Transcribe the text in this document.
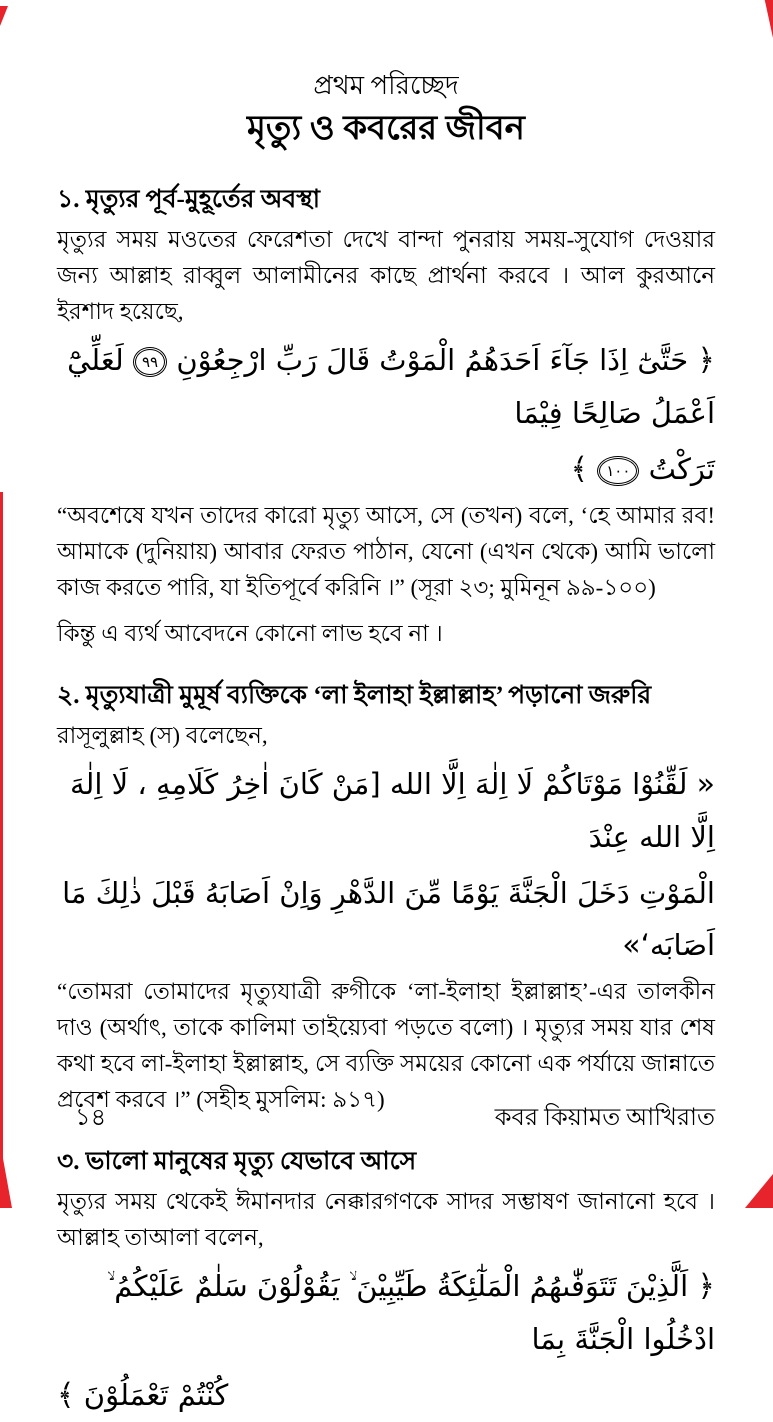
প্রথম পরিচ্ছেদ
মৃত্যু ও কবরের জীবন
১. মৃত্যুর পূর্ব-মুহূর্তের অবস্থা

মৃত্যুর সময় মওতের ফেরেশতা দেখে বান্দা পুনরায় সময়-সুযোগ দেওয়ার জন্য আল্লাহ রাব্বুল আলামীনের কাছে প্রার্থনা করবে । আল কুরআনে ইরশাদ হয়েছে,

﴿ حَتَّىٰٓ اِذَا جَآءَ اَحَدَهُمُ الْمَوْتُ قَالَ رَبِّ ارْجِعُوْنِ ٩٩ لَعَلِّيْٓ اَعْمَلُ صَالِحًا فِيْمَا
تَرَكْتُ ١٠٠ ﴾

“অবশেষে যখন তাদের কারো মৃত্যু আসে, সে (তখন) বলে, ‘হে আমার রব! আমাকে (দুনিয়ায়) আবার ফেরত পাঠান, যেনো (এখন থেকে) আমি ভালো কাজ করতে পারি, যা ইতিপূর্বে করিনি ।” (সূরা ২৩; মুমিনূন ৯৯-১০০)

কিন্তু এ ব্যর্থ আবেদনে কোনো লাভ হবে না ।

২. মৃত্যুযাত্রী মুমূর্ষ ব্যক্তিকে ‘লা ইলাহা ইল্লাল্লাহ’ পড়ানো জরুরি

রাসূলুল্লাহ (স) বলেছেন,

« لَقِّنُوْا مَوْتَاكُمْ لَا اِلٰهَ اِلَّا الله [مَنْ كَانَ اٰخِرُ كَلَامِهِ ، لَا اِلٰهَ اِلَّا الله عِنْدَ
الْمَوْتِ دَخَلَ الْجَنَّةَ يَوْمًا مِّنَ الدَّهْرِ وَاِنْ اَصَابَهُ قَبْلَ ذٰلِكَ مَا اَصَابَه‘»

“তোমরা তোমাদের মৃত্যুযাত্রী রুগীকে ‘লা-ইলাহা ইল্লাল্লাহ’-এর তালকীন দাও (অর্থাৎ, তাকে কালিমা তাইয়্যেবা পড়তে বলো) । মৃত্যুর সময় যার শেষ কথা হবে লা-ইলাহা ইল্লাল্লাহ, সে ব্যক্তি সময়ের কোনো এক পর্যায়ে জান্নাতে প্রবেশ করবে ।” (সহীহ মুসলিম: ৯১৭)

৩. ভালো মানুষের মৃত্যু যেভাবে আসে

মৃত্যুর সময় থেকেই ঈমানদার নেক্কারগণকে সাদর সম্ভাষণ জানানো হবে । আল্লাহ তাআলা বলেন,

﴿ اَلَّذِيْنَ تَتَوَفّٰىهُمُ الْمَلٰٓئِكَةُ طَيِّبِيْنَ ۙ يَقُوْلُوْنَ سَلٰمٌ عَلَيْكُمُ ۙ ادْخُلُوا الْجَنَّةَ بِمَا
كُنْتُمْ تَعْمَلُوْنَ ﴾
১৪	কবর কিয়ামত আখিরাত
